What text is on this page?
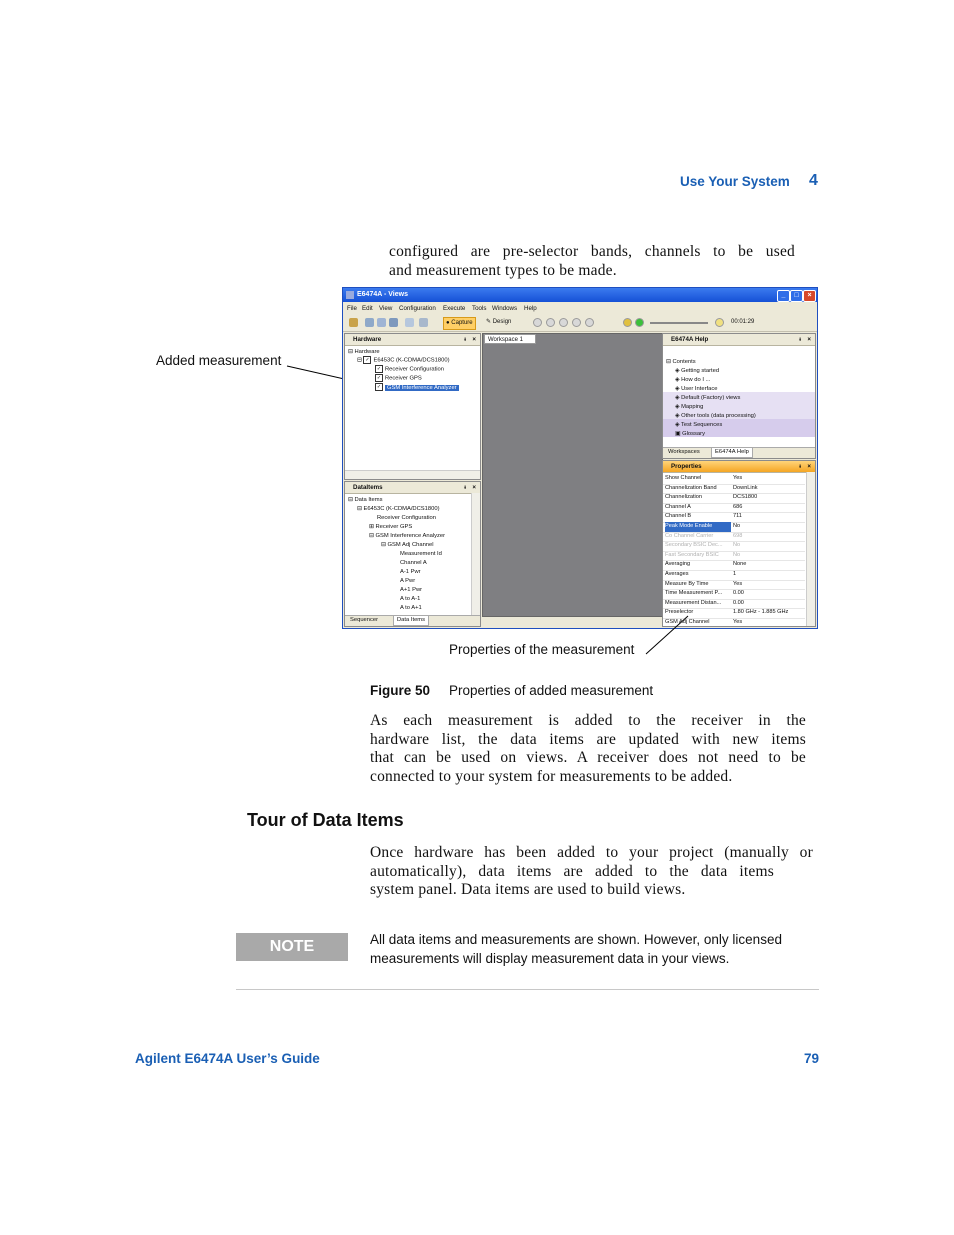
Use Your System 4
configured are pre-selector bands, channels to be used
and measurement types to be made.
Added measurement
E6474A - Views	_	□	×
File Edit View Configuration Execute Tools Windows Help
● Capture	✎ Design	00:01:29
Hardware	ᵻ ×
⊟ Hardware
⊟ ✓ E6453C (K-CDMA/DCS1800)
✓ Receiver Configuration
✓ Receiver GPS
✓ GSM Interference Analyzer
DataItems	ᵻ ×
⊟ Data Items
⊟ E6453C (K-CDMA/DCS1800)
Receiver Configuration
⊞ Receiver GPS
⊟ GSM Interference Analyzer
⊟ GSM Adj Channel
Measurement Id
Channel A
A-1 Pwr
A Pwr
A+1 Pwr
A to A-1
A to A+1
Sequencer	Data Items
Workspace 1	E6474A Help	ᵻ ×
⊟ Contents
◈ Getting started
◈ How do I ...
◈ User Interface
◈ Default (Factory) views
◈ Mapping
◈ Other tools (data processing)
◈ Test Sequences
▣ Glossary
Workspaces	E6474A Help
Properties	ᵻ ×
Show Channel	Yes
Channelization Band	DownLink
Channelization	DCS1800
Channel A	686
Channel B	711
Peak Mode Enable	No
Co Channel Carrier	698
Secondary BSIC Dec...	No
Fast Secondary BSIC	No
Averaging	None
Averages	1
Measure By Time	Yes
Time Measurement P...	0.00
Measurement Distan...	0.00
Preselector	1.80 GHz - 1.885 GHz
GSM Adj Channel	Yes
Properties of the measurement
Figure 50 Properties of added measurement
As each measurement is added to the receiver in the
hardware list, the data items are updated with new items
that can be used on views. A receiver does not need to be
connected to your system for measurements to be added.
Tour of Data Items
Once hardware has been added to your project (manually or
automatically), data items are added to the data items
system panel. Data items are used to build views.
NOTE	All data items and measurements are shown. However, only licensed
measurements will display measurement data in your views.
Agilent E6474A User’s Guide	79
